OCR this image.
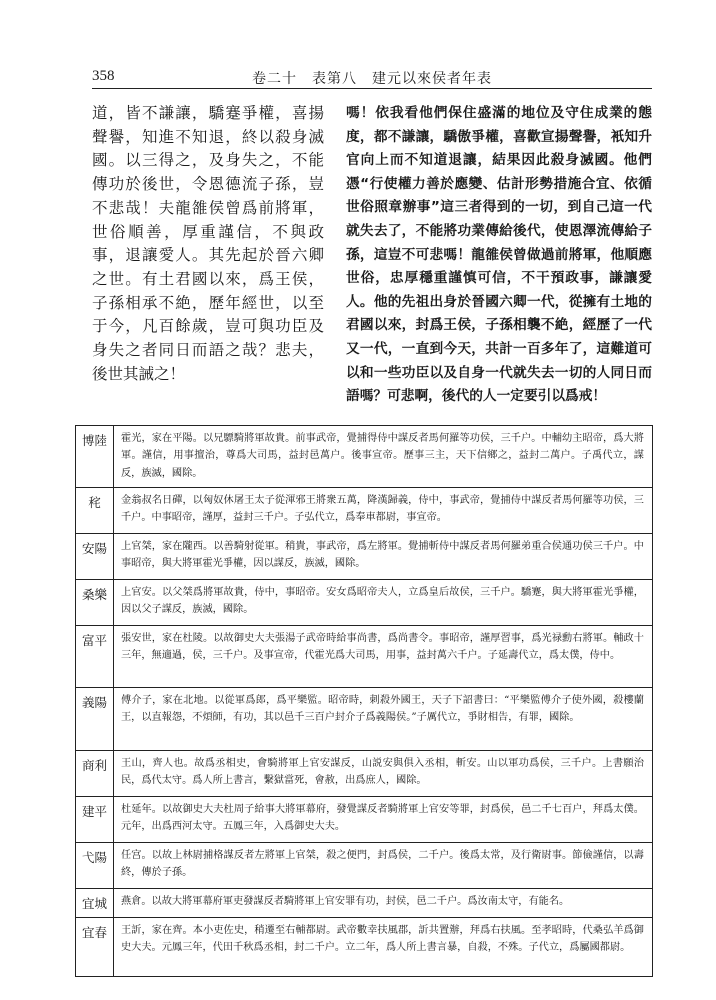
358	卷二十　表第八　建元以來侯者年表
道，皆不謙讓，驕蹇爭權，喜揚聲譽，知進不知退，終以殺身滅國。以三得之，及身失之，不能傳功於後世，令恩德流子孫，豈不悲哉！夫龍雒侯曾爲前將軍，世俗順善，厚重謹信，不與政事，退讓愛人。其先起於晉六卿之世。有土君國以來，爲王侯，子孫相承不絶，歷年經世，以至于今，凡百餘歲，豈可與功臣及身失之者同日而語之哉？悲夫，後世其誡之！
嗎！依我看他們保住盛滿的地位及守住成業的態度，都不謙讓，驕傲爭權，喜歡宣揚聲譽，衹知升官向上而不知道退讓，結果因此殺身滅國。他們憑“行使權力善於應變、估計形勢措施合宜、依循世俗照章辦事”這三者得到的一切，到自己這一代就失去了，不能將功業傳給後代，使恩澤流傳給子孫，這豈不可悲嗎！龍雒侯曾做過前將軍，他順應世俗，忠厚穩重謹慎可信，不干預政事，謙讓愛人。他的先祖出身於晉國六卿一代，從擁有土地的君國以來，封爲王侯，子孫相襲不絶，經歷了一代又一代，一直到今天，共計一百多年了，這難道可以和一些功臣以及自身一代就失去一切的人同日而語嗎？可悲啊，後代的人一定要引以爲戒！
博陸	霍光，家在平陽。以兄驃騎將軍故貴。前事武帝，覺捕得侍中謀反者馬何羅等功侯，三千户。中輔幼主昭帝，爲大將軍。謹信，用事擅治，尊爲大司馬，益封邑萬户。後事宣帝。歷事三主，天下信鄉之，益封二萬户。子禹代立，謀反，族滅，國除。
秺	金翁叔名日磾，以匈奴休屠王太子從渾邪王將衆五萬，降漢歸義，侍中，事武帝，覺捕侍中謀反者馬何羅等功侯，三千户。中事昭帝，謹厚，益封三千户。子弘代立，爲奉車都尉，事宣帝。
安陽	上官桀，家在隴西。以善騎射從軍。稍貴，事武帝，爲左將軍。覺捕斬侍中謀反者馬何羅弟重合侯通功侯三千户。中事昭帝，與大將軍霍光爭權，因以謀反，族滅，國除。
桑樂	上官安。以父桀爲將軍故貴，侍中，事昭帝。安女爲昭帝夫人，立爲皇后故侯，三千户。驕蹇，與大將軍霍光爭權，因以父子謀反，族滅，國除。
富平	張安世，家在杜陵。以故御史大夫張湯子武帝時給事尚書，爲尚書令。事昭帝，謹厚習事，爲光禄勳右將軍。輔政十三年，無適過，侯，三千户。及事宣帝，代霍光爲大司馬，用事，益封萬六千户。子延壽代立，爲太僕，侍中。
義陽	傅介子，家在北地。以從軍爲郎，爲平樂監。昭帝時，刺殺外國王，天子下詔書曰：“平樂監傅介子使外國，殺樓蘭王，以直報怨，不煩師，有功，其以邑千三百户封介子爲義陽侯。”子厲代立，爭財相告，有罪，國除。
商利	王山，齊人也。故爲丞相史，會騎將軍上官安謀反，山説安與俱入丞相，斬安。山以軍功爲侯，三千户。上書願治民，爲代太守。爲人所上書言，繫獄當死，會赦，出爲庶人，國除。
建平	杜延年。以故御史大夫杜周子給事大將軍幕府，發覺謀反者騎將軍上官安等罪，封爲侯，邑二千七百户，拜爲太僕。元年，出爲西河太守。五鳳三年，入爲御史大夫。
弋陽	任宫。以故上林尉捕格謀反者左將軍上官桀，殺之便門，封爲侯，二千户。後爲太常，及行衛尉事。節儉謹信，以壽終，傳於子孫。
宜城	燕倉。以故大將軍幕府軍吏發謀反者騎將軍上官安罪有功，封侯，邑二千户。爲汝南太守，有能名。
宜春	王訢，家在齊。本小吏佐史，稍遷至右輔都尉。武帝數幸扶風郡，訢共置辦，拜爲右扶風。至孝昭時，代桑弘羊爲御史大夫。元鳳三年，代田千秋爲丞相，封二千户。立二年，爲人所上書言暴，自殺，不殊。子代立，爲屬國都尉。
